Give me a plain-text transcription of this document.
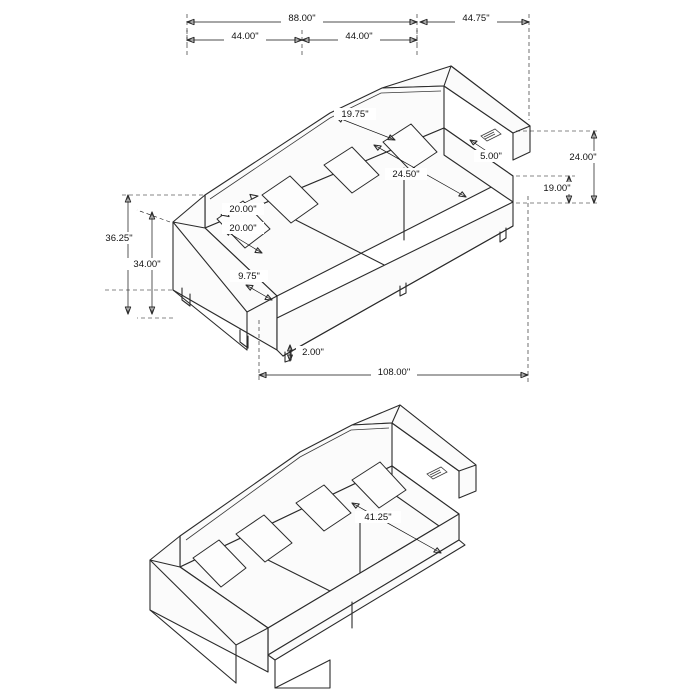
88.00"	44.75"
44.00"	44.00"
19.75"
5.00"	24.00"
19.00"
24.50"
20.00"
20.00"
36.25"
34.00"
9.75"
2.00"
108.00"
41.25"
